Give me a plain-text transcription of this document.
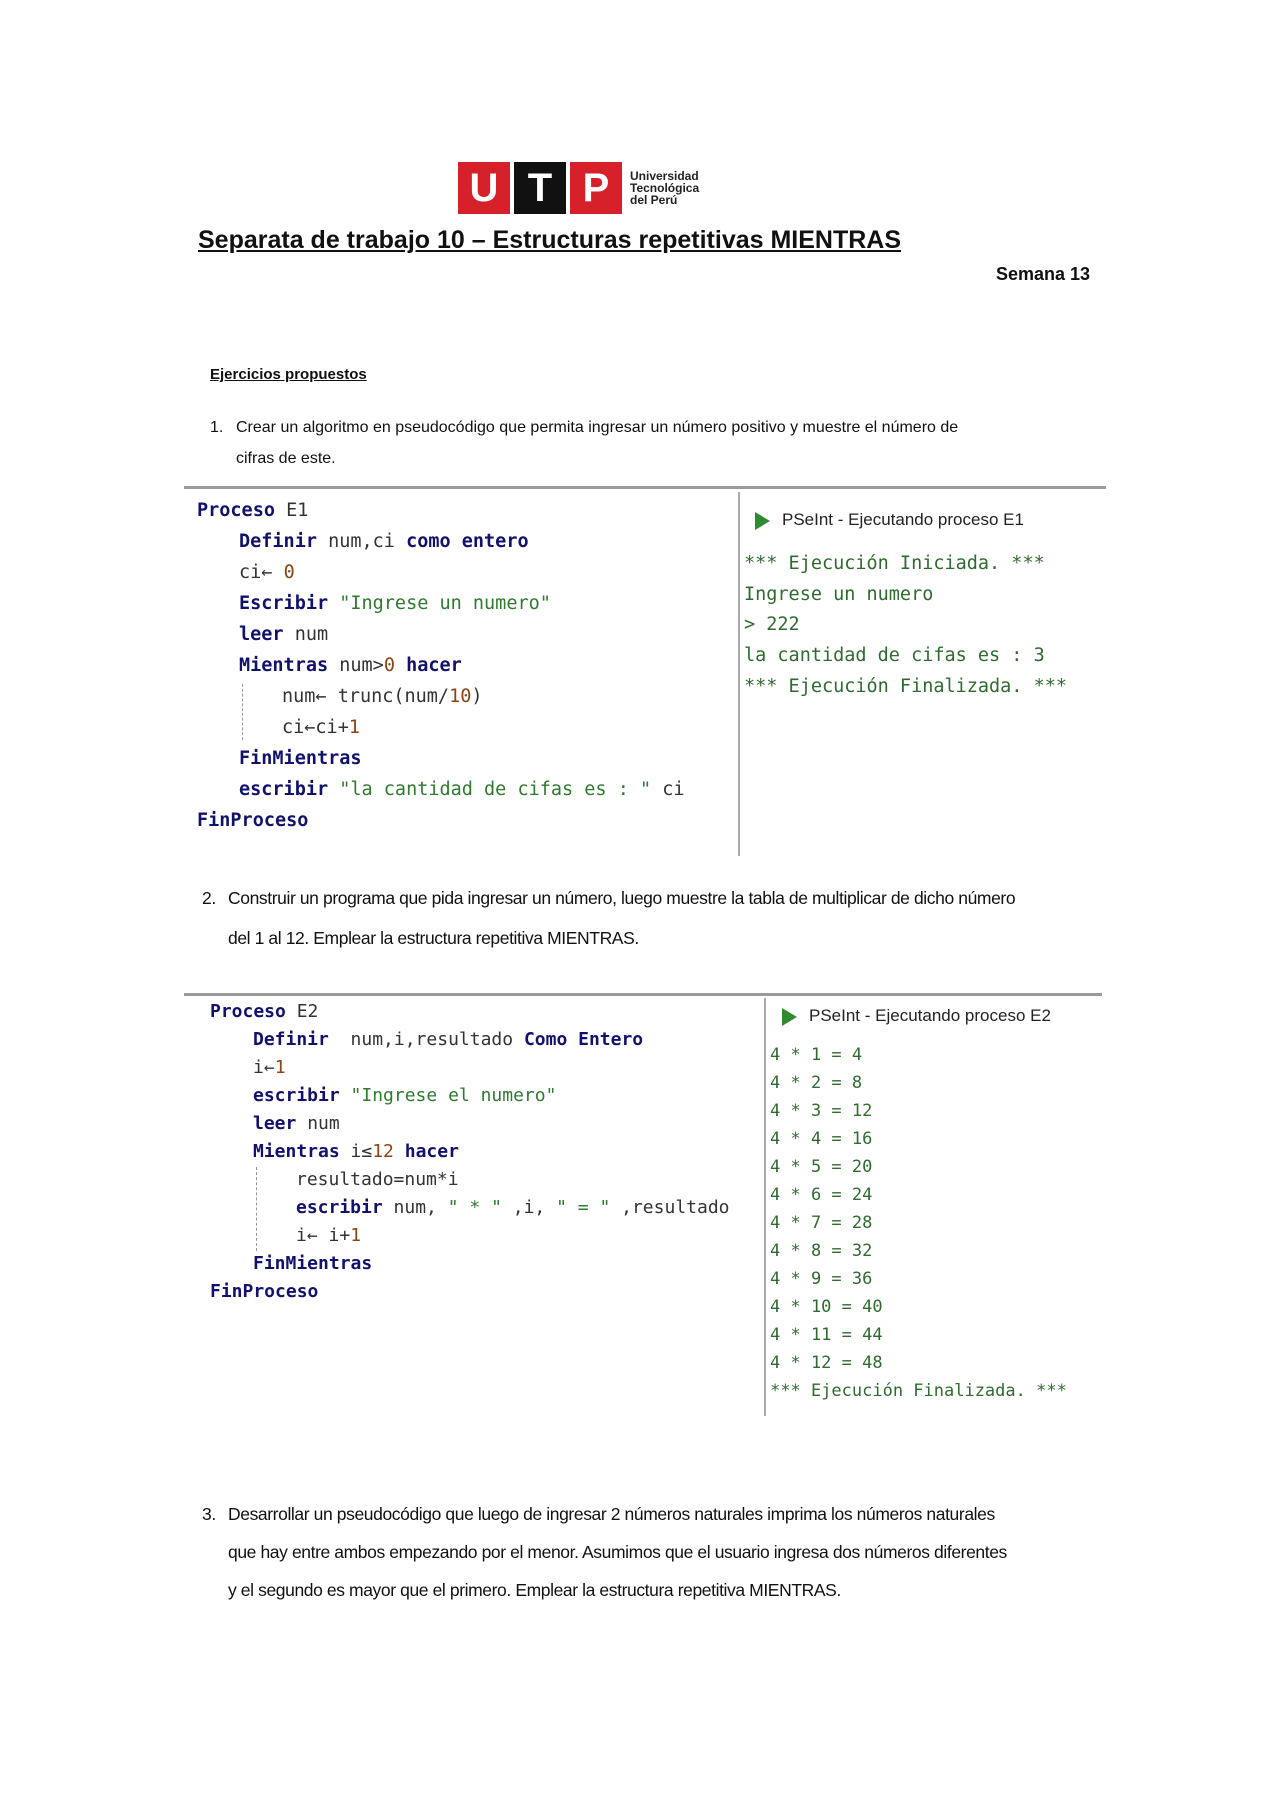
U T P	Universidad
Tecnológica
del Perú
Separata de trabajo 10 – Estructuras repetitivas MIENTRAS
Semana 13
Ejercicios propuestos
1. Crear un algoritmo en pseudocódigo que permita ingresar un número positivo y muestre el número de
cifras de este.

Proceso E1

Definir num,ci como entero

ci← 0

Escribir "Ingrese un numero"

leer num

Mientras num>0 hacer

num← trunc(num/10)

ci←ci+1

FinMientras

escribir "la cantidad de cifas es : " ci

FinProceso

PSeInt - Ejecutando proceso E1

*** Ejecución Iniciada. ***

Ingrese un numero

> 222

la cantidad de cifas es : 3

*** Ejecución Finalizada. ***

2. Construir un programa que pida ingresar un número, luego muestre la tabla de multiplicar de dicho número
del 1 al 12. Emplear la estructura repetitiva MIENTRAS.

Proceso E2

Definir  num,i,resultado Como Entero

i←1

escribir "Ingrese el numero"

leer num

Mientras i≤12 hacer

resultado=num*i

escribir num, " * " ,i, " = " ,resultado

i← i+1

FinMientras

FinProceso

PSeInt - Ejecutando proceso E2

4 * 1 = 4

4 * 2 = 8

4 * 3 = 12

4 * 4 = 16

4 * 5 = 20

4 * 6 = 24

4 * 7 = 28

4 * 8 = 32

4 * 9 = 36

4 * 10 = 40

4 * 11 = 44

4 * 12 = 48

*** Ejecución Finalizada. ***

3. Desarrollar un pseudocódigo que luego de ingresar 2 números naturales imprima los números naturales
que hay entre ambos empezando por el menor. Asumimos que el usuario ingresa dos números diferentes
y el segundo es mayor que el primero. Emplear la estructura repetitiva MIENTRAS.
